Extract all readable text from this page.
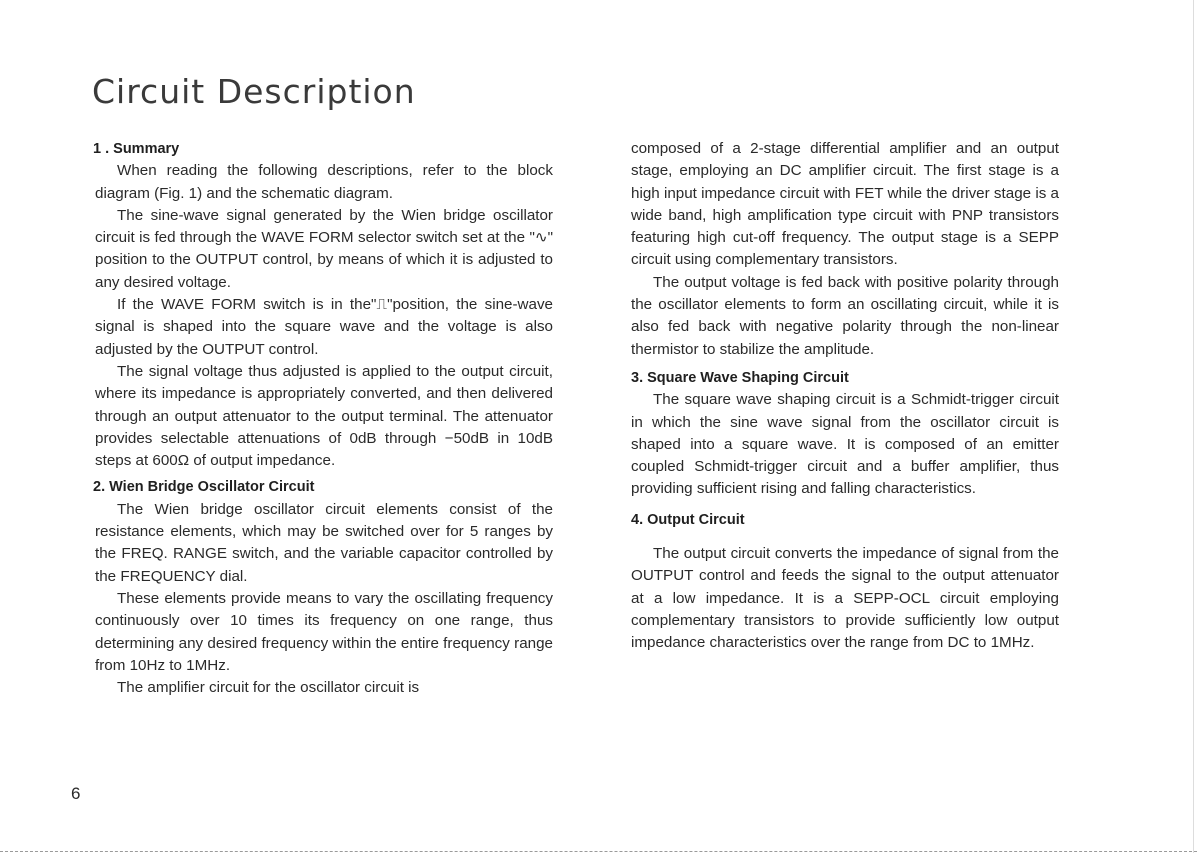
Circuit Description
1 . Summary

When reading the following descriptions, refer to the block diagram (Fig. 1) and the schematic diagram.

The sine-wave signal generated by the Wien bridge oscillator circuit is fed through the WAVE FORM selector switch set at the "∿" position to the OUTPUT control, by means of which it is adjusted to any desired voltage.

If the WAVE FORM switch is in the"⎍"position, the sine-wave signal is shaped into the square wave and the voltage is also adjusted by the OUTPUT control.

The signal voltage thus adjusted is applied to the output circuit, where its impedance is appropriately converted, and then delivered through an output attenuator to the output terminal. The attenuator provides selectable attenuations of 0dB through −50dB in 10dB steps at 600Ω of output impedance.

2. Wien Bridge Oscillator Circuit

The Wien bridge oscillator circuit elements consist of the resistance elements, which may be switched over for 5 ranges by the FREQ. RANGE switch, and the variable capacitor controlled by the FREQUENCY dial.

These elements provide means to vary the oscillating frequency continuously over 10 times its frequency on one range, thus determining any desired frequency within the entire frequency range from 10Hz to 1MHz.

The amplifier circuit for the oscillator circuit is

composed of a 2-stage differential amplifier and an output stage, employing an DC amplifier circuit. The first stage is a high input impedance circuit with FET while the driver stage is a wide band, high amplification type circuit with PNP transistors featuring high cut-off frequency. The output stage is a SEPP circuit using complementary transistors.

The output voltage is fed back with positive polarity through the oscillator elements to form an oscillating circuit, while it is also fed back with negative polarity through the non-linear thermistor to stabilize the amplitude.

3. Square Wave Shaping Circuit

The square wave shaping circuit is a Schmidt-trigger circuit in which the sine wave signal from the oscillator circuit is shaped into a square wave. It is composed of an emitter coupled Schmidt-trigger circuit and a buffer amplifier, thus providing sufficient rising and falling characteristics.

4. Output Circuit

The output circuit converts the impedance of signal from the OUTPUT control and feeds the signal to the output attenuator at a low impedance. It is a SEPP-OCL circuit employing complementary transistors to provide sufficiently low output impedance characteristics over the range from DC to 1MHz.

6
